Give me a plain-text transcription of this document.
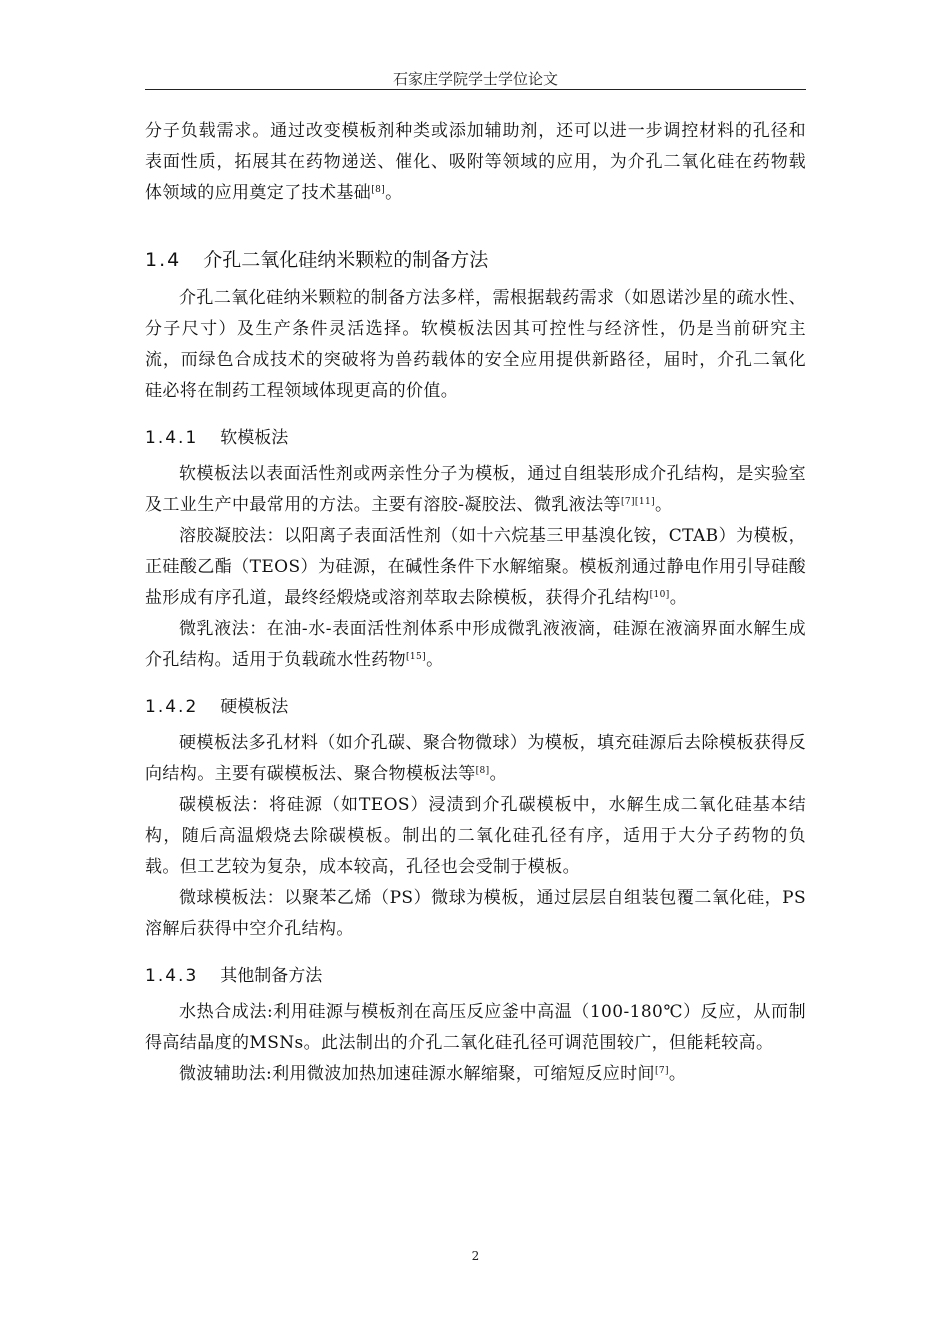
石家庄学院学士学位论文

分子负载需求。通过改变模板剂种类或添加辅助剂，还可以进一步调控材料的孔径和表面性质，拓展其在药物递送、催化、吸附等领域的应用，为介孔二氧化硅在药物载体领域的应用奠定了技术基础[8]。

1.4 介孔二氧化硅纳米颗粒的制备方法

介孔二氧化硅纳米颗粒的制备方法多样，需根据载药需求（如恩诺沙星的疏水性、分子尺寸）及生产条件灵活选择。软模板法因其可控性与经济性，仍是当前研究主流，而绿色合成技术的突破将为兽药载体的安全应用提供新路径，届时，介孔二氧化硅必将在制药工程领域体现更高的价值。

1.4.1 软模板法

软模板法以表面活性剂或两亲性分子为模板，通过自组装形成介孔结构，是实验室及工业生产中最常用的方法。主要有溶胶-凝胶法、微乳液法等[7][11]。

溶胶凝胶法：以阳离子表面活性剂（如十六烷基三甲基溴化铵，CTAB）为模板，正硅酸乙酯（TEOS）为硅源，在碱性条件下水解缩聚。模板剂通过静电作用引导硅酸盐形成有序孔道，最终经煅烧或溶剂萃取去除模板，获得介孔结构[10]。

微乳液法：在油-水-表面活性剂体系中形成微乳液液滴，硅源在液滴界面水解生成介孔结构。适用于负载疏水性药物[15]。

1.4.2 硬模板法

硬模板法多孔材料（如介孔碳、聚合物微球）为模板，填充硅源后去除模板获得反向结构。主要有碳模板法、聚合物模板法等[8]。

碳模板法：将硅源（如TEOS）浸渍到介孔碳模板中，水解生成二氧化硅基本结构，随后高温煅烧去除碳模板。制出的二氧化硅孔径有序，适用于大分子药物的负载。但工艺较为复杂，成本较高，孔径也会受制于模板。

微球模板法：以聚苯乙烯（PS）微球为模板，通过层层自组装包覆二氧化硅，PS溶解后获得中空介孔结构。

1.4.3 其他制备方法

水热合成法:利用硅源与模板剂在高压反应釜中高温（100-180℃）反应，从而制得高结晶度的MSNs。此法制出的介孔二氧化硅孔径可调范围较广，但能耗较高。

微波辅助法:利用微波加热加速硅源水解缩聚，可缩短反应时间[7]。

2
